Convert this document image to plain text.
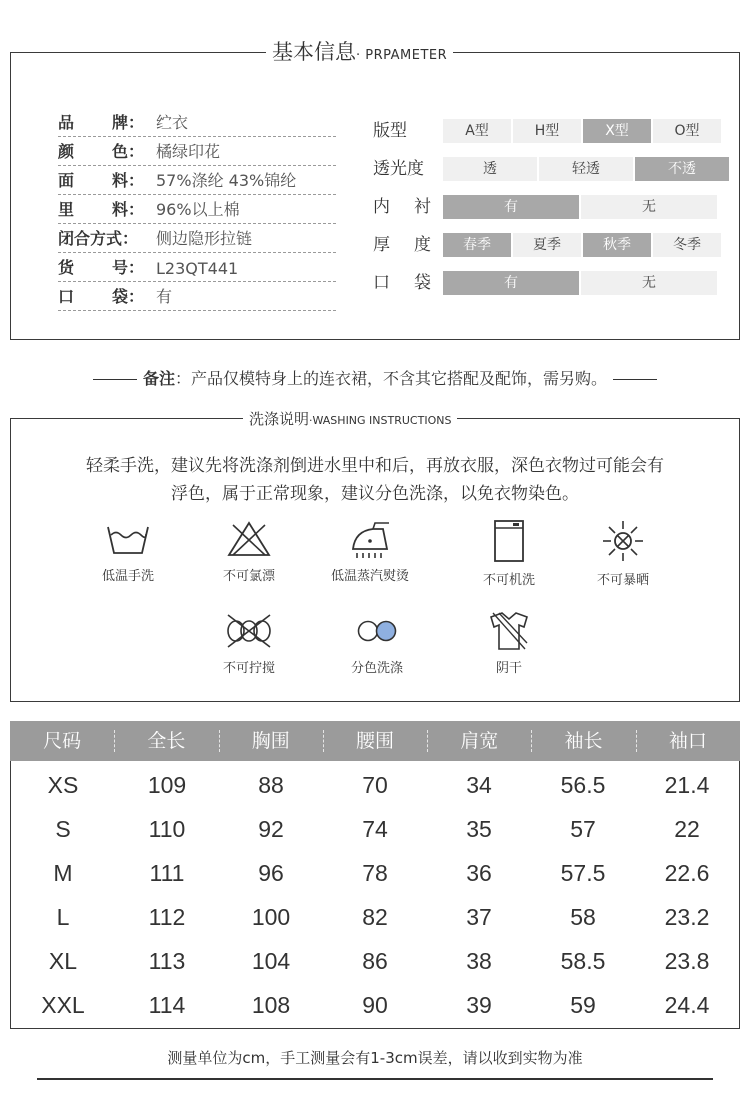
基本信息· PRPAMETER
品 牌： 纻衣
颜 色： 橘绿印花
面 料： 57%涤纶 43%锦纶
里 料： 96%以上棉
闭合方式：	侧边隐形拉链
货 号： L23QT441
口 袋： 有
版型	A型	H型	X型	O型
透光度	透	轻透	不透
内 衬	有	无
厚 度	春季	夏季	秋季	冬季
口 袋	有	无
备注：产品仅模特身上的连衣裙，不含其它搭配及配饰，需另购。
洗涤说明·WASHING INSTRUCTIONS
轻柔手洗，建议先将洗涤剂倒进水里中和后，再放衣服，深色衣物过可能会有
浮色，属于正常现象，建议分色洗涤，以免衣物染色。
低温手洗	不可氯漂	低温蒸汽熨烫	不可机洗	不可暴晒
不可拧搅	分色洗涤	阴干
尺码	全长	胸围	腰围	肩宽	袖长	袖口
XS	109	88	70	34	56.5	21.4
S	110	92	74	35	57	22
M	111	96	78	36	57.5	22.6
L	112	100	82	37	58	23.2
XL	113	104	86	38	58.5	23.8
XXL	114	108	90	39	59	24.4
测量单位为cm，手工测量会有1-3cm误差，请以收到实物为准
